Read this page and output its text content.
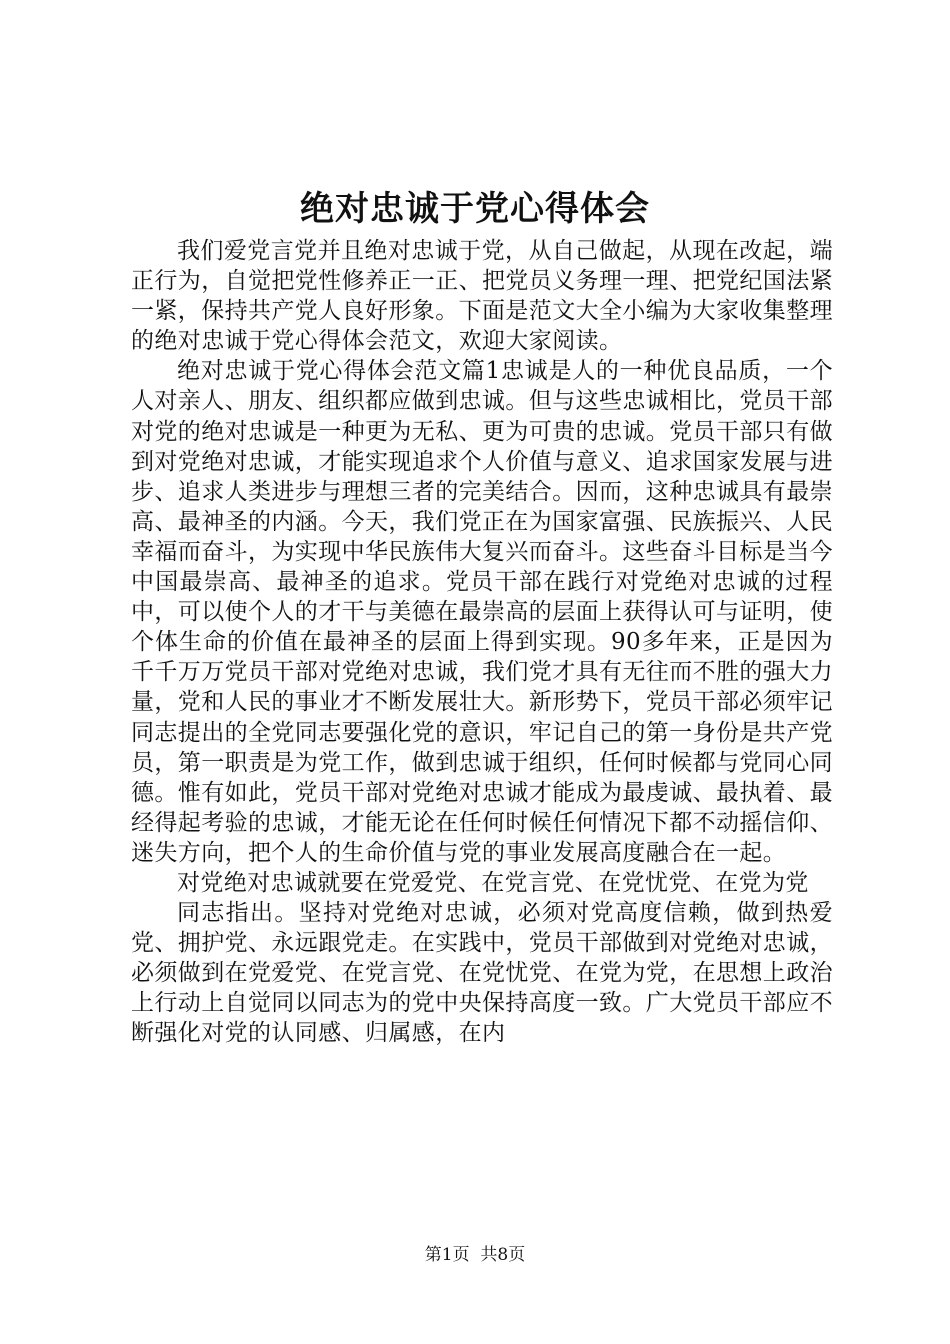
绝对忠诚于党心得体会

我们爱党言党并且绝对忠诚于党，从自己做起，从现在改起，端正行为，自觉把党性修养正一正、把党员义务理一理、把党纪国法紧一紧，保持共产党人良好形象。下面是范文大全小编为大家收集整理的绝对忠诚于党心得体会范文，欢迎大家阅读。

绝对忠诚于党心得体会范文篇1忠诚是人的一种优良品质，一个人对亲人、朋友、组织都应做到忠诚。但与这些忠诚相比，党员干部对党的绝对忠诚是一种更为无私、更为可贵的忠诚。党员干部只有做到对党绝对忠诚，才能实现追求个人价值与意义、追求国家发展与进步、追求人类进步与理想三者的完美结合。因而，这种忠诚具有最崇高、最神圣的内涵。今天，我们党正在为国家富强、民族振兴、人民幸福而奋斗，为实现中华民族伟大复兴而奋斗。这些奋斗目标是当今中国最崇高、最神圣的追求。党员干部在践行对党绝对忠诚的过程中，可以使个人的才干与美德在最崇高的层面上获得认可与证明，使个体生命的价值在最神圣的层面上得到实现。90多年来，正是因为千千万万党员干部对党绝对忠诚，我们党才具有无往而不胜的强大力量，党和人民的事业才不断发展壮大。新形势下，党员干部必须牢记同志提出的全党同志要强化党的意识，牢记自己的第一身份是共产党员，第一职责是为党工作，做到忠诚于组织，任何时候都与党同心同德。惟有如此，党员干部对党绝对忠诚才能成为最虔诚、最执着、最经得起考验的忠诚，才能无论在任何时候任何情况下都不动摇信仰、迷失方向，把个人的生命价值与党的事业发展高度融合在一起。

对党绝对忠诚就要在党爱党、在党言党、在党忧党、在党为党

同志指出。坚持对党绝对忠诚，必须对党高度信赖，做到热爱党、拥护党、永远跟党走。在实践中，党员干部做到对党绝对忠诚，必须做到在党爱党、在党言党、在党忧党、在党为党，在思想上政治上行动上自觉同以同志为的党中央保持高度一致。广大党员干部应不断强化对党的认同感、归属感，在内

第1页 共8页
